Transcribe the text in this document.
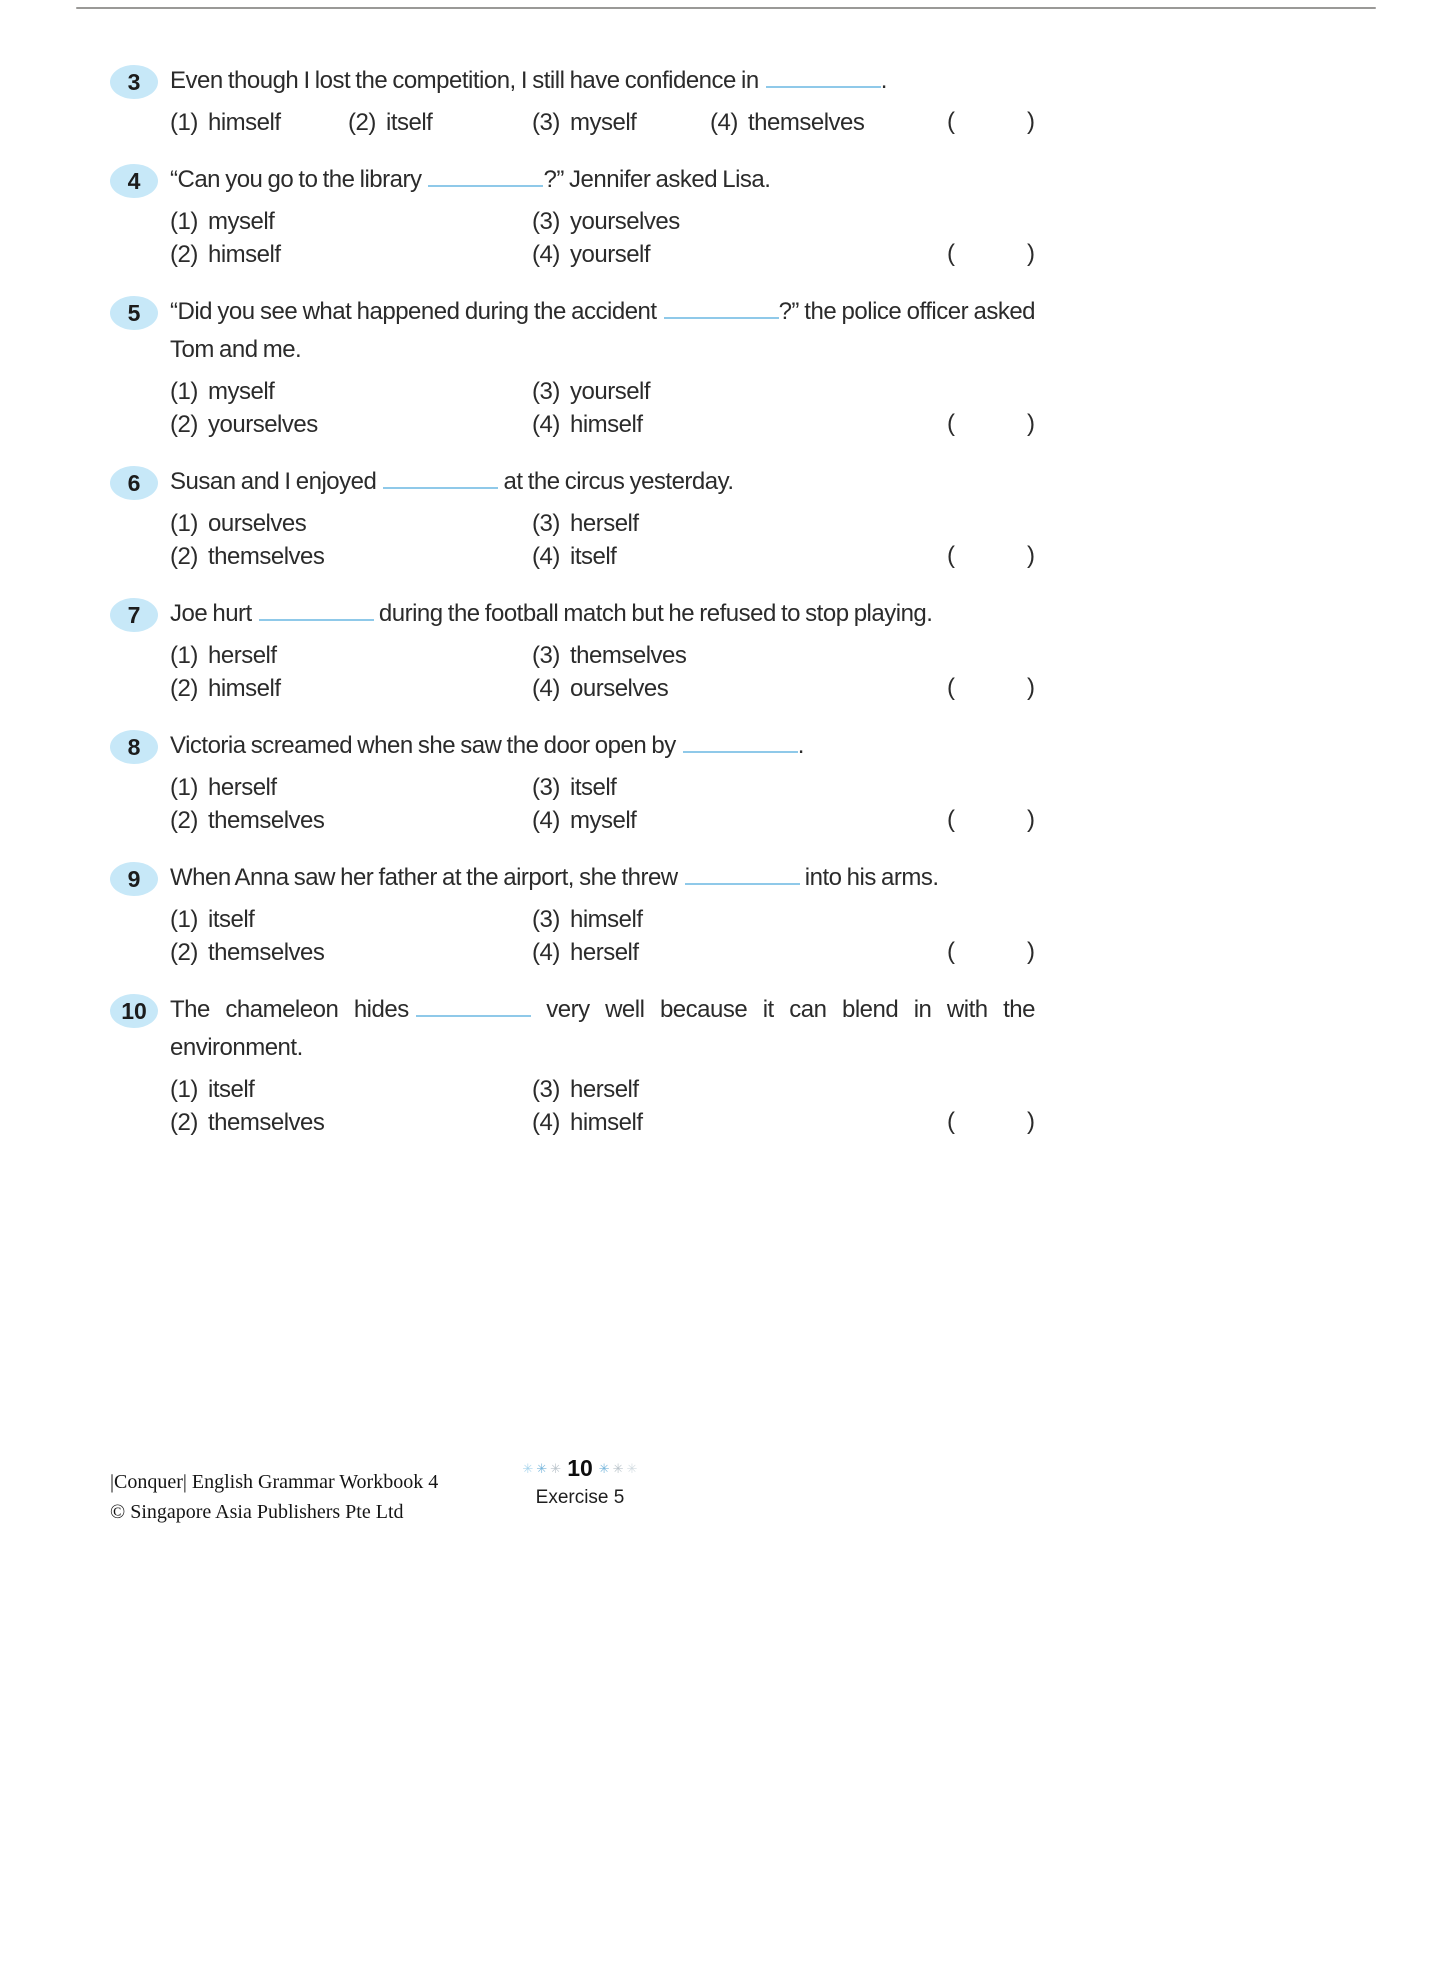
3	Even though I lost the competition, I still have confidence in	.
(1) himself	(2) itself	(3) myself	(4) themselves	(	)
4	“Can you go to the library	?” Jennifer asked Lisa.
(1) myself
(2) himself
(3) yourselves
(4) yourself	(	)
5	“Did you see what happened during the accident	?” the police officer asked Tom and me.
(1) myself
(2) yourselves
(3) yourself
(4) himself	(	)
6	Susan and I enjoyed	at the circus yesterday.
(1) ourselves
(2) themselves
(3) herself
(4) itself	(	)
7	Joe hurt	during the football match but he refused to stop playing.
(1) herself
(2) himself
(3) themselves
(4) ourselves	(	)
8	Victoria screamed when she saw the door open by	.
(1) herself
(2) themselves
(3) itself
(4) myself	(	)
9	When Anna saw her father at the airport, she threw	into his arms.
(1) itself
(2) themselves
(3) himself
(4) herself	(	)
10 The chameleon hides	very well because it can blend in with the environment.
(1) itself
(2) themselves
(3) herself
(4) himself	(	)
|Conquer| English Grammar Workbook 4
© Singapore Asia Publishers Pte Ltd
✳ ✳ ✳ 10 ✳ ✳ ✳
Exercise 5
